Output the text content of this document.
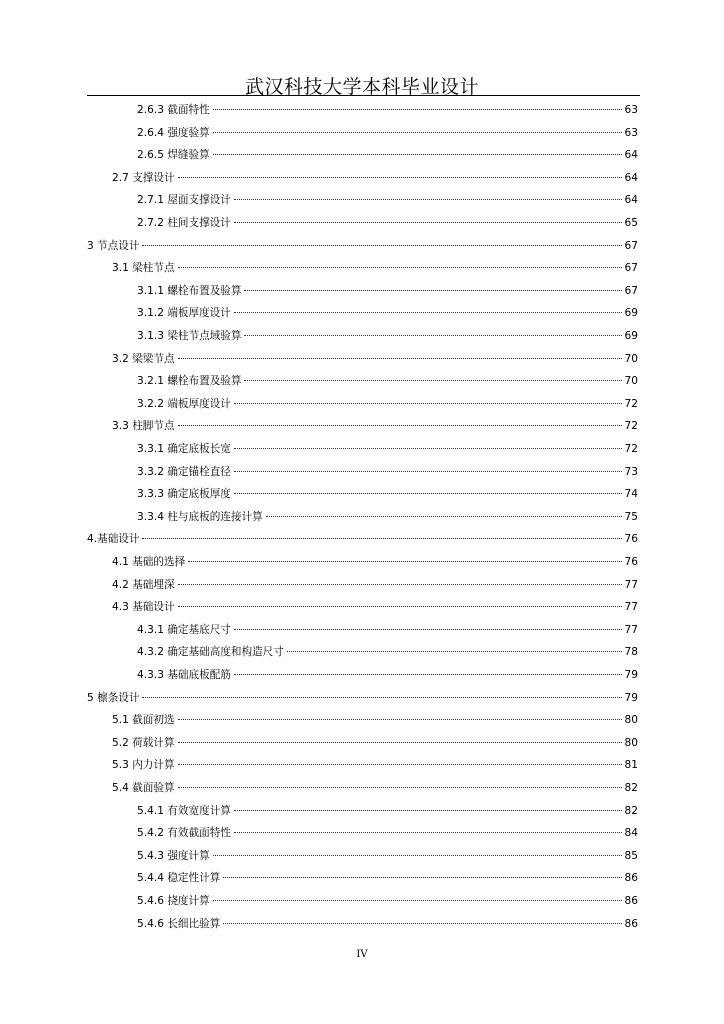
武汉科技大学本科毕业设计
2.6.3 截面特性	63
2.6.4 强度验算	63
2.6.5 焊缝验算	64
2.7 支撑设计	64
2.7.1 屋面支撑设计	64
2.7.2 柱间支撑设计	65
3 节点设计	67
3.1 梁柱节点	67
3.1.1 螺栓布置及验算	67
3.1.2 端板厚度设计	69
3.1.3 梁柱节点域验算	69
3.2 梁梁节点	70
3.2.1 螺栓布置及验算	70
3.2.2 端板厚度设计	72
3.3 柱脚节点	72
3.3.1 确定底板长宽	72
3.3.2 确定锚栓直径	73
3.3.3 确定底板厚度	74
3.3.4 柱与底板的连接计算	75
4.基础设计	76
4.1 基础的选择	76
4.2 基础埋深	77
4.3 基础设计	77
4.3.1 确定基底尺寸	77
4.3.2 确定基础高度和构造尺寸	78
4.3.3 基础底板配筋	79
5 檩条设计	79
5.1 截面初选	80
5.2 荷载计算	80
5.3 内力计算	81
5.4 截面验算	82
5.4.1 有效宽度计算	82
5.4.2 有效截面特性	84
5.4.3 强度计算	85
5.4.4 稳定性计算	86
5.4.6 挠度计算	86
5.4.6 长细比验算	86
IV
